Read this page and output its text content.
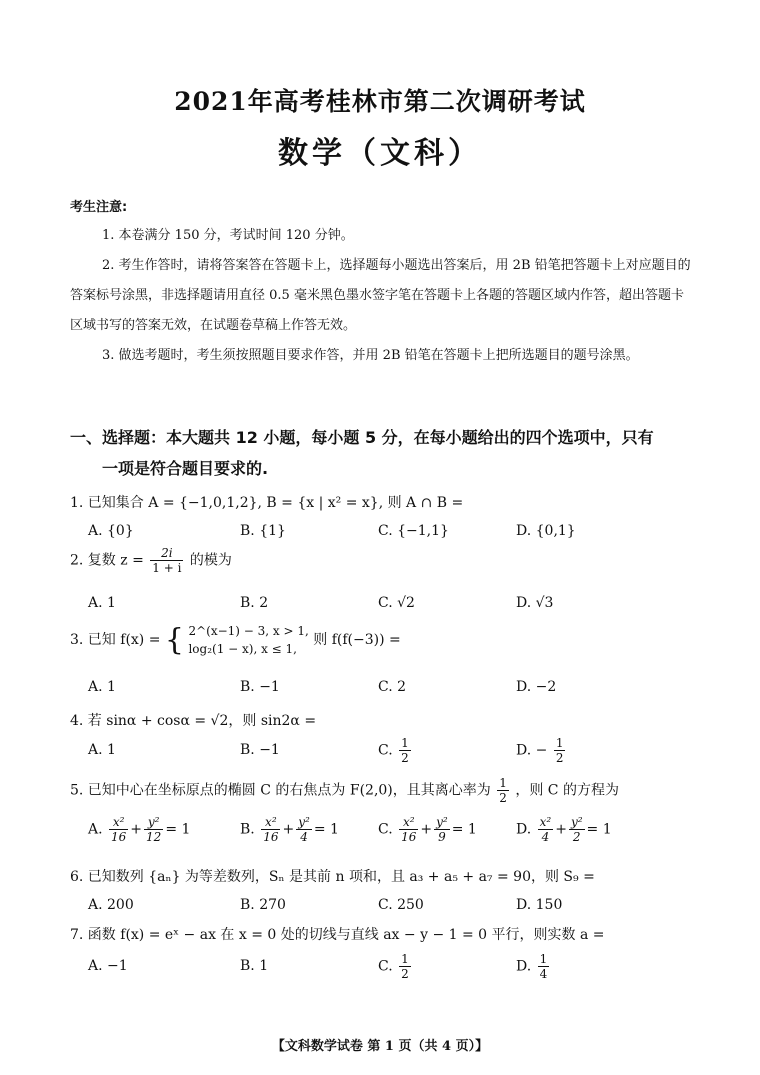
2021年高考桂林市第二次调研考试
数学（文科）
考生注意:
1. 本卷满分 150 分，考试时间 120 分钟。
2. 考生作答时，请将答案答在答题卡上，选择题每小题选出答案后，用 2B 铅笔把答题卡上对应题目的答案标号涂黑，非选择题请用直径 0.5 毫米黑色墨水签字笔在答题卡上各题的答题区域内作答，超出答题卡区域书写的答案无效，在试题卷草稿上作答无效。
3. 做选考题时，考生须按照题目要求作答，并用 2B 铅笔在答题卡上把所选题目的题号涂黑。
一、选择题：本大题共 12 小题，每小题 5 分，在每小题给出的四个选项中，只有
一项是符合题目要求的.
1. 已知集合 A = {−1,0,1,2}, B = {x | x² = x}, 则 A ∩ B =
A. {0}	B. {1}	C. {−1,1}	D. {0,1}
2. 复数 $z = \frac{2i}{1 + i}$ 的模为
A. 1	B. 2	C. √2	D. √3
3. 已知 f(x) = { 2^(x−1) − 3, x > 1,
log₂(1 − x), x ≤ 1,
则 f(f(−3)) =
A. 1	B. −1	C. 2	D. −2
4. 若 sinα + cosα = √2，则 sin2α =
A. 1	B. −1	C. $\frac{1}{2}$	D. − $\frac{1}{2}$
5. 已知中心在坐标原点的椭圆 C 的右焦点为 F(2,0)，且其离心率为 $\frac{1}{2}$ ，则 C 的方程为
A. $\frac{\text{x²}}{16} + \frac{\text{y²}}{12} = 1$	B. $\frac{\text{x²}}{16} + \frac{\text{y²}}{4} = 1$	C. $\frac{\text{x²}}{16} + \frac{\text{y²}}{9} = 1$	D. $\frac{\text{x²}}{4} + \frac{\text{y²}}{2} = 1$
6. 已知数列 {aₙ} 为等差数列，Sₙ 是其前 n 项和，且 a₃ + a₅ + a₇ = 90，则 S₉ =
A. 200	B. 270	C. 250	D. 150
7. 函数 f(x) = eˣ − ax 在 x = 0 处的切线与直线 ax − y − 1 = 0 平行，则实数 a =
A. −1	B. 1	C. $\frac{1}{2}$	D. $\frac{1}{4}$
【文科数学试卷 第 1 页（共 4 页）】
